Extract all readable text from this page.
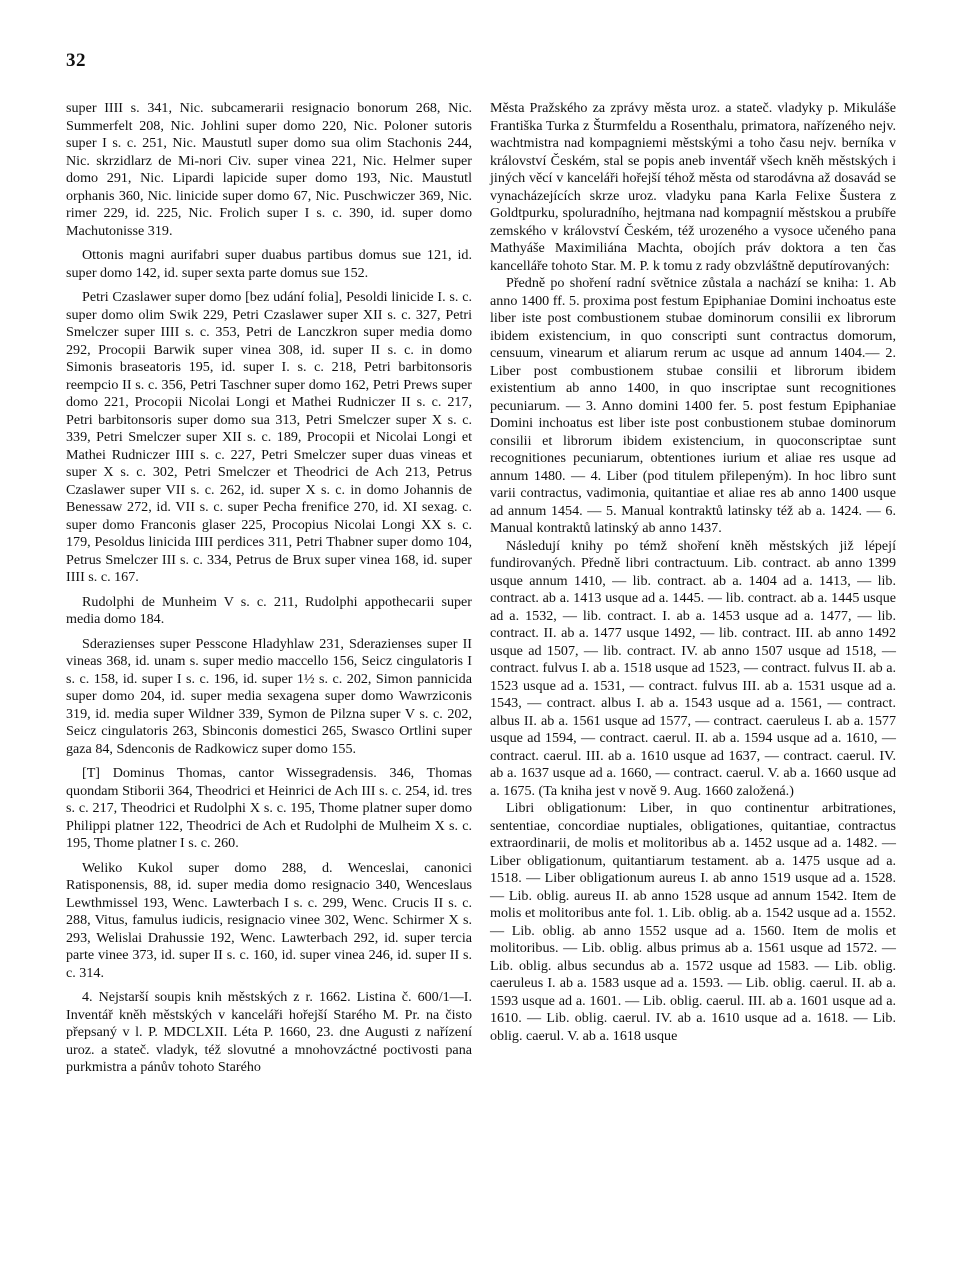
32

super IIII s. 341, Nic. subcamerarii resignacio bonorum 268, Nic. Summerfelt 208, Nic. Johlini super domo 220, Nic. Poloner sutoris super I s. c. 251, Nic. Maustutl super domo sua olim Stachonis 244, Nic. skrzidlarz de Mi-nori Civ. super vinea 221, Nic. Helmer super domo 291, Nic. Lipardi lapicide super domo 193, Nic. Maustutl orphanis 360, Nic. linicide super domo 67, Nic. Puschwiczer 369, Nic. rimer 229, id. 225, Nic. Frolich super I s. c. 390, id. super domo Machutonisse 319.

Ottonis magni aurifabri super duabus partibus domus sue 121, id. super domo 142, id. super sexta parte domus sue 152.

Petri Czaslawer super domo [bez udání folia], Pesoldi linicide I. s. c. super domo olim Swik 229, Petri Czaslawer super XII s. c. 327, Petri Smelczer super IIII s. c. 353, Petri de Lanczkron super media domo 292, Procopii Barwik super vinea 308, id. super II s. c. in domo Simonis braseatoris 195, id. super I. s. c. 218, Petri barbitonsoris reempcio II s. c. 356, Petri Taschner super domo 162, Petri Prews super domo 221, Procopii Nicolai Longi et Mathei Rudniczer II s. c. 217, Petri barbitonsoris super domo sua 313, Petri Smelczer super X s. c. 339, Petri Smelczer super XII s. c. 189, Procopii et Nicolai Longi et Mathei Rudniczer IIII s. c. 227, Petri Smelczer super duas vineas et super X s. c. 302, Petri Smelczer et Theodrici de Ach 213, Petrus Czaslawer super VII s. c. 262, id. super X s. c. in domo Johannis de Benessaw 272, id. VII s. c. super Pecha frenifice 270, id. XI sexag. c. super domo Franconis glaser 225, Procopius Nicolai Longi XX s. c. 179, Pesoldus linicida IIII perdices 311, Petri Thabner super domo 104, Petrus Smelczer III s. c. 334, Petrus de Brux super vinea 168, id. super IIII s. c. 167.

Rudolphi de Munheim V s. c. 211, Rudolphi appothecarii super media domo 184.

Sderazienses super Pesscone Hladyhlaw 231, Sderazienses super II vineas 368, id. unam s. super medio maccello 156, Seicz cingulatoris I s. c. 158, id. super I s. c. 196, id. super 1½ s. c. 202, Simon pannicida super domo 204, id. super media sexagena super domo Wawrziconis 319, id. media super Wildner 339, Symon de Pilzna super V s. c. 202, Seicz cingulatoris 263, Sbinconis domestici 265, Swasco Ortlini super gaza 84, Sdenconis de Radkowicz super domo 155.

[T] Dominus Thomas, cantor Wissegradensis. 346, Thomas quondam Stiborii 364, Theodrici et Heinrici de Ach III s. c. 254, id. tres s. c. 217, Theodrici et Rudolphi X s. c. 195, Thome platner super domo Philippi platner 122, Theodrici de Ach et Rudolphi de Mulheim X s. c. 195, Thome platner I s. c. 260.

Weliko Kukol super domo 288, d. Wenceslai, canonici Ratisponensis, 88, id. super media domo resignacio 340, Wenceslaus Lewthmissel 193, Wenc. Lawterbach I s. c. 299, Wenc. Crucis II s. c. 288, Vitus, famulus iudicis, resignacio vinee 302, Wenc. Schirmer X s. 293, Welislai Drahussie 192, Wenc. Lawterbach 292, id. super tercia parte vinee 373, id. super II s. c. 160, id. super vinea 246, id. super II s. c. 314.

4. Nejstarší soupis knih městských z r. 1662. Listina č. 600/1—I. Inventář kněh městských v kanceláři hořejší Starého M. Pr. na čisto přepsaný v l. P. MDCLXII. Léta P. 1660, 23. dne Augusti z nařízení uroz. a stateč. vladyk, též slovutné a mnohovzáctné poctivosti pana purkmistra a pánův tohoto Starého

Města Pražského za zprávy města uroz. a stateč. vladyky p. Mikuláše Františka Turka z Šturmfeldu a Rosenthalu, primatora, nařízeného nejv. wachtmistra nad kompagniemi městskými a toho času nejv. berníka v království Českém, stal se popis aneb inventář všech kněh městských i jiných věcí v kanceláři hořejší téhož města od starodávna až dosavád se vynacházejících skrze uroz. vladyku pana Karla Felixe Šustera z Goldtpurku, spoluradního, hejtmana nad kompagnií městskou a prubíře zemského v království Českém, též urozeného a vysoce učeného pana Mathyáše Maximiliána Machta, obojích práv doktora a ten čas kancelláře tohoto Star. M. P. k tomu z rady obzvláštně deputírovaných:

Předně po shoření radní světnice zůstala a nachází se kniha: 1. Ab anno 1400 ff. 5. proxima post festum Epiphaniae Domini inchoatus este liber iste post combustionem stubae dominorum consilii ex librorum ibidem existencium, in quo conscripti sunt contractus domorum, censuum, vinearum et aliarum rerum ac usque ad annum 1404.— 2. Liber post combustionem stubae consilii et librorum ibidem existentium ab anno 1400, in quo inscriptae sunt recognitiones pecuniarum. — 3. Anno domini 1400 fer. 5. post festum Epiphaniae Domini inchoatus est liber iste post conbustionem stubae dominorum consilii et librorum ibidem existencium, in quoconscriptae sunt recognitiones pecuniarum, obtentiones iurium et aliae res usque ad annum 1480. — 4. Liber (pod titulem přilepeným). In hoc libro sunt varii contractus, vadimonia, quitantiae et aliae res ab anno 1400 usque ad annum 1454. — 5. Manual kontraktů latinsky též ab a. 1424. — 6. Manual kontraktů latinský ab anno 1437.

Následují knihy po témž shoření kněh městských již lépejí fundirovaných. Předně libri contractuum. Lib. contract. ab anno 1399 usque annum 1410, — lib. contract. ab a. 1404 ad a. 1413, — lib. contract. ab a. 1413 usque ad a. 1445. — lib. contract. ab a. 1445 usque ad a. 1532, — lib. contract. I. ab a. 1453 usque ad a. 1477, — lib. contract. II. ab a. 1477 usque 1492, — lib. contract. III. ab anno 1492 usque ad 1507, — lib. contract. IV. ab anno 1507 usque ad 1518, — contract. fulvus I. ab a. 1518 usque ad 1523, — contract. fulvus II. ab a. 1523 usque ad a. 1531, — contract. fulvus III. ab a. 1531 usque ad a. 1543, — contract. albus I. ab a. 1543 usque ad a. 1561, — contract. albus II. ab a. 1561 usque ad 1577, — contract. caeruleus I. ab a. 1577 usque ad 1594, — contract. caerul. II. ab a. 1594 usque ad a. 1610, — contract. caerul. III. ab a. 1610 usque ad 1637, — contract. caerul. IV. ab a. 1637 usque ad a. 1660, — contract. caerul. V. ab a. 1660 usque ad a. 1675. (Ta kniha jest v nově 9. Aug. 1660 založená.)

Libri obligationum: Liber, in quo continentur arbitrationes, sententiae, concordiae nuptiales, obligationes, quitantiae, contractus extraordinarii, de molis et molitoribus ab a. 1452 usque ad a. 1482. — Liber obligationum, quitantiarum testament. ab a. 1475 usque ad a. 1518. — Liber obligationum aureus I. ab anno 1519 usque ad a. 1528. — Lib. oblig. aureus II. ab anno 1528 usque ad annum 1542. Item de molis et molitoribus ante fol. 1. Lib. oblig. ab a. 1542 usque ad a. 1552. — Lib. oblig. ab anno 1552 usque ad a. 1560. Item de molis et molitoribus. — Lib. oblig. albus primus ab a. 1561 usque ad 1572. — Lib. oblig. albus secundus ab a. 1572 usque ad 1583. — Lib. oblig. caeruleus I. ab a. 1583 usque ad a. 1593. — Lib. oblig. caerul. II. ab a. 1593 usque ad a. 1601. — Lib. oblig. caerul. III. ab a. 1601 usque ad a. 1610. — Lib. oblig. caerul. IV. ab a. 1610 usque ad a. 1618. — Lib. oblig. caerul. V. ab a. 1618 usque
